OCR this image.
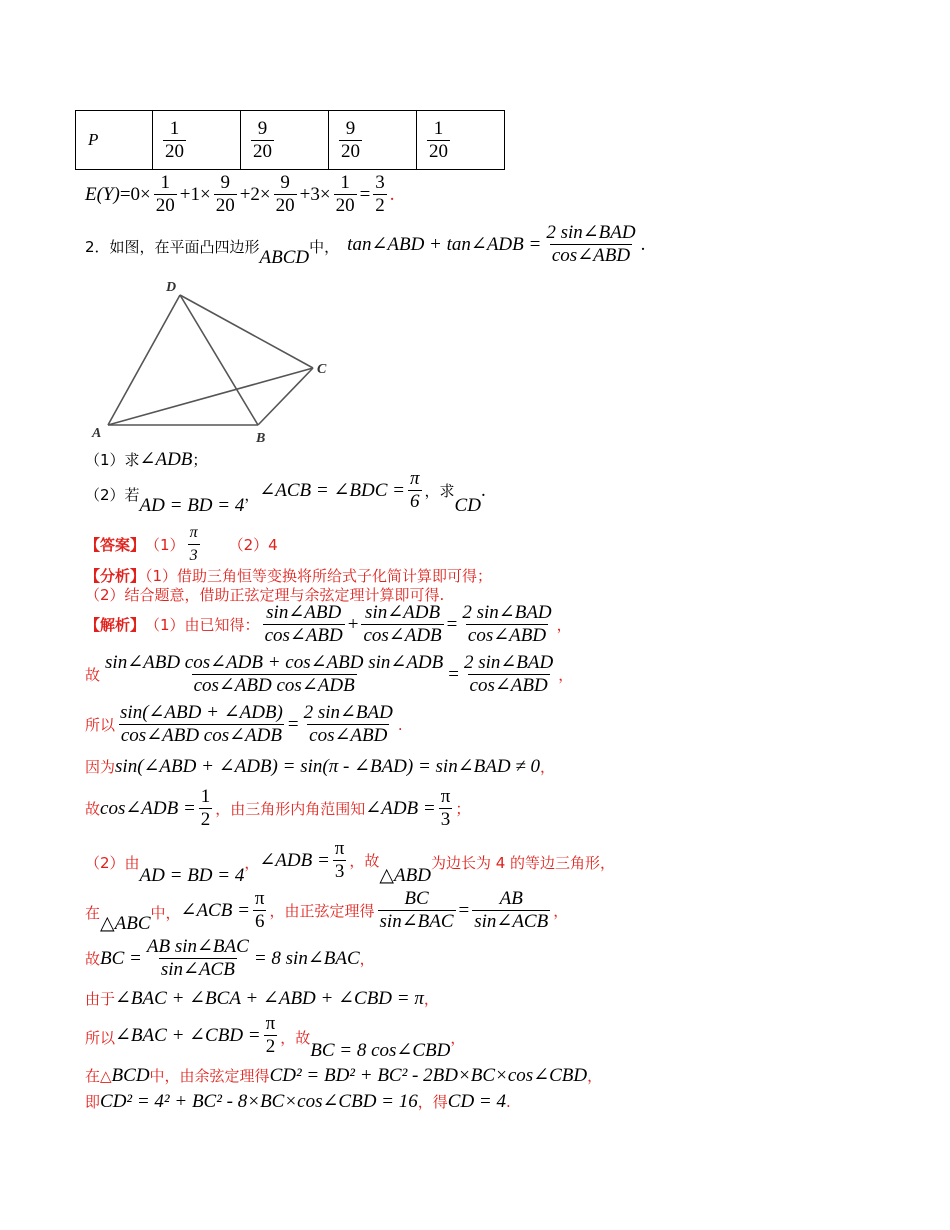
P	$\frac{1}{20}$	$\frac{9}{20}$	$\frac{9}{20}$	$\frac{1}{20}$
$E(Y) =0\times \frac{1}{20} +1\times \frac{9}{20} +2\times \frac{9}{20} +3\times \frac{1}{20} = \frac{3}{2}$ .
2．如图，在平面凸四边形 ABCD 中， tan∠ABD + tan∠ADB = $\frac{\text{2 sin∠BAD}}{\text{cos∠ABD}}$ .
A	B
C
D
（1）求 ∠ADB ；
（2）若 AD = BD = 4 ， ∠ACB = ∠BDC = $\frac{\pi}{6}$ ，求
CD
.
【答案】 $(1) \frac{\pi}{3} (2)4$
【分析】（1）借助三角恒等变换将所给式子化简计算即可得；
（2）结合题意，借助正弦定理与余弦定理计算即可得.
【解析】 （1）由已知得： $\frac{\text{sin∠ABD}}{\text{cos∠ABD}} + \frac{\text{sin∠ADB}}{\text{cos∠ADB}} = \frac{\text{2 sin∠BAD}}{\text{cos∠ABD}}$ ，
故 $\frac{\text{sin∠ABD cos∠ADB + cos∠ABD sin∠ADB}}{\text{cos∠ABD cos∠ADB}} = \frac{\text{2 sin∠BAD}}{\text{cos∠ABD}}$ ，
所以 $\frac{\text{sin(∠ABD + ∠ADB)}}{\text{cos∠ABD cos∠ADB}} = \frac{\text{2 sin∠BAD}}{\text{cos∠ABD}}$ .
因为 sin(∠ABD + ∠ADB) = sin(π - ∠BAD) = sin∠BAD ≠ 0 ，
故 cos∠ADB = $\frac{1}{2}$ ，由三角形内角范围知 ∠ADB = $\frac{\pi}{3}$ ；
（2）由
AD = BD = 4
， ∠ADB = $\frac{\pi}{3}$ ，故
△ABD
为边长为 4 的等边三角形，
在 △ABC 中， ∠ACB = $\frac{\pi}{6}$ ，由正弦定理得 $\frac{BC}{\text{sin∠BAC}} = \frac{AB}{\text{sin∠ACB}}$ ，
故 BC = $\frac{\text{AB sin∠BAC}}{\text{sin∠ACB}} = 8$ sin∠BAC ，
由于 ∠BAC + ∠BCA + ∠ABD + ∠CBD = π ，
所以 ∠BAC + ∠CBD = $\frac{\pi}{2}$ ，故
BC = 8 cos∠CBD
，
在△ BCD 中，由余弦定理得 CD² = BD² + BC² - 2BD×BC×cos∠CBD ，
即 CD² = 4² + BC² - 8×BC×cos∠CBD = 16 ，得 CD = 4 .
